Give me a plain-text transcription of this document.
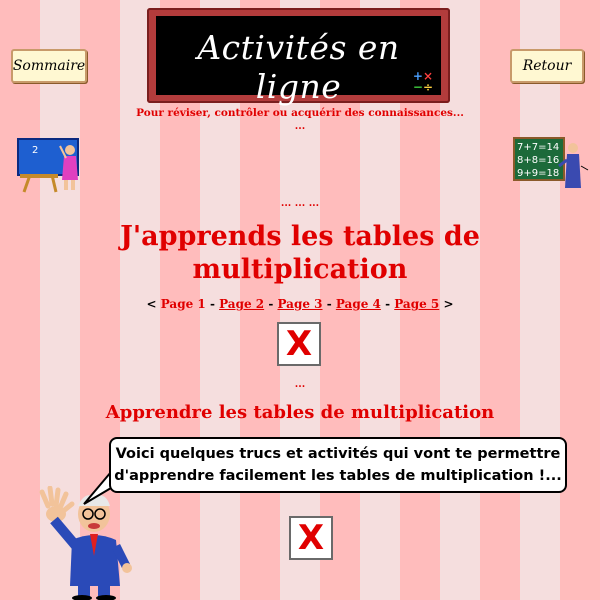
Activités en ligne	+×
−÷
Sommaire	Retour
Pour réviser, contrôler ou acquérir des connaissances...
...
2	7+7=14
8+8=16
9+9=18
... ... ...
J'apprends les tables de multiplication
< Page 1 - Page 2 - Page 3 - Page 4 - Page 5 >
X
...
Apprendre les tables de multiplication
Voici quelques trucs et activités qui vont te permettre
d'apprendre facilement les tables de multiplication !...
X
